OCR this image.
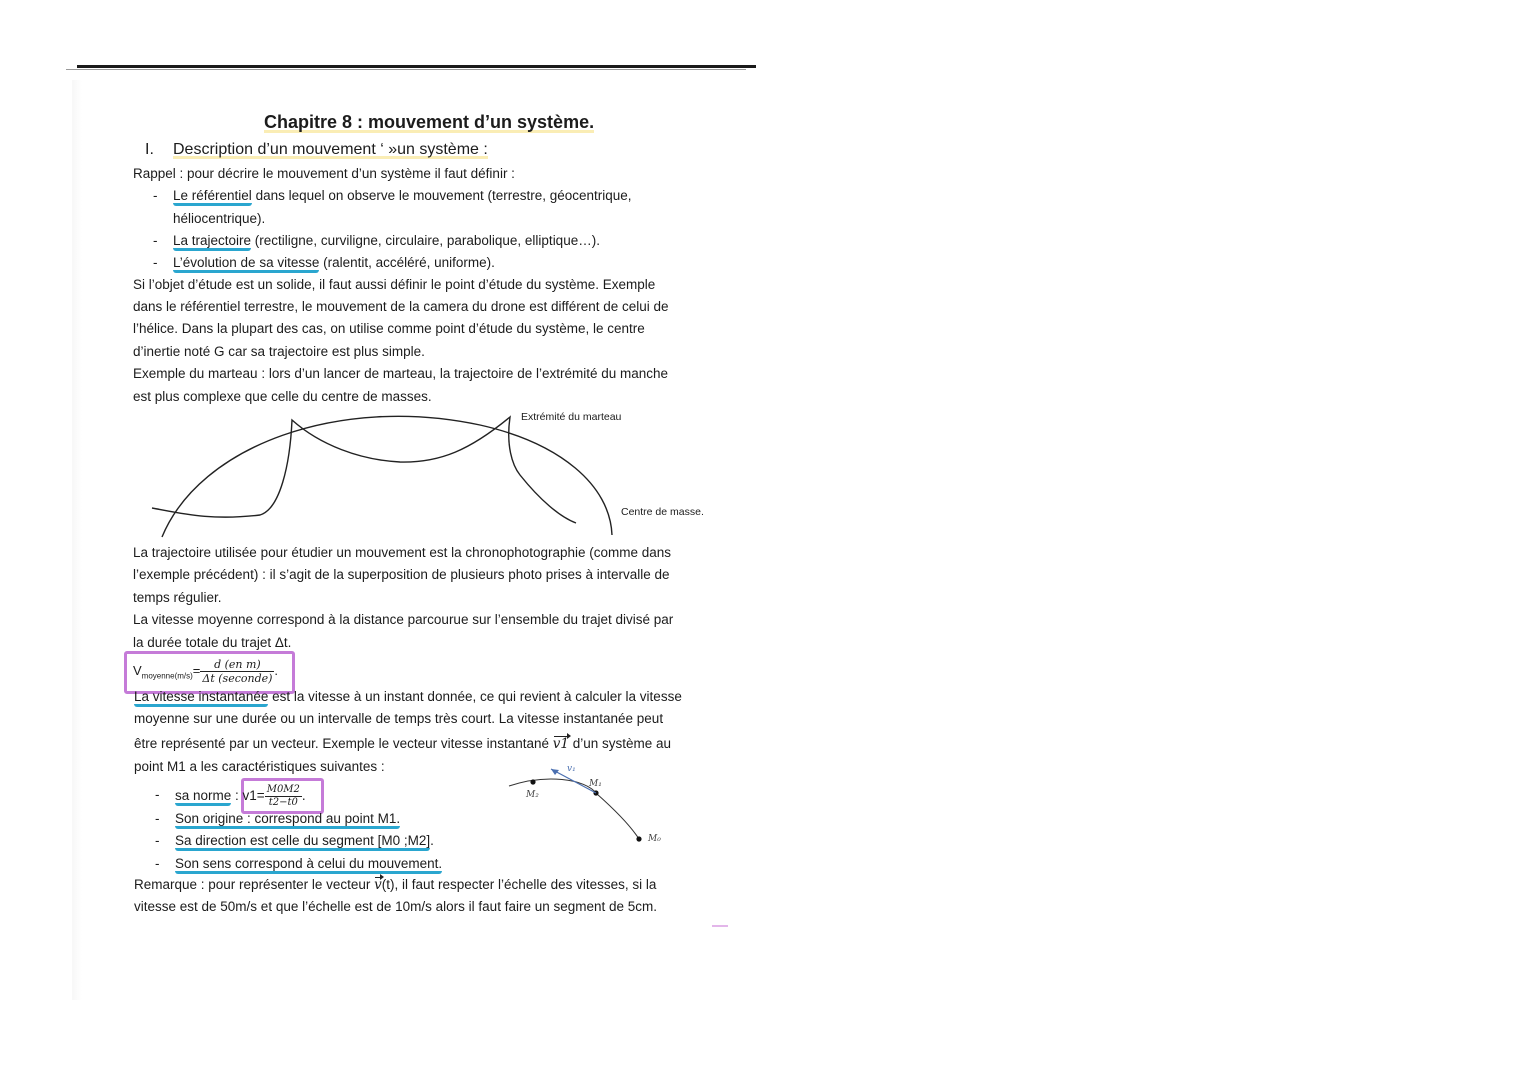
Chapitre 8 : mouvement d’un système.
I. Description d’un mouvement ‘ »un système :
Rappel : pour décrire le mouvement d’un système il faut définir :
- Le référentiel dans lequel on observe le mouvement (terrestre, géocentrique,
héliocentrique).
- La trajectoire (rectiligne, curviligne, circulaire, parabolique, elliptique…).
- L’évolution de sa vitesse (ralentit, accéléré, uniforme).
Si l’objet d’étude est un solide, il faut aussi définir le point d’étude du système. Exemple
dans le référentiel terrestre, le mouvement de la camera du drone est différent de celui de
l’hélice. Dans la plupart des cas, on utilise comme point d’étude du système, le centre
d’inertie noté G car sa trajectoire est plus simple.
Exemple du marteau : lors d’un lancer de marteau, la trajectoire de l’extrémité du manche
est plus complexe que celle du centre de masses.
Extrémité du marteau
Centre de masse.
La trajectoire utilisée pour étudier un mouvement est la chronophotographie (comme dans
l’exemple précédent) : il s’agit de la superposition de plusieurs photo prises à intervalle de
temps régulier.
La vitesse moyenne correspond à la distance parcourue sur l’ensemble du trajet divisé par
la durée totale du trajet Δt.
$V_{moyenne(m/s)}= \frac{\text{d (en m)}}{\text{Δt (seconde)}}$ .
La vitesse instantanée est la vitesse à un instant donnée, ce qui revient à calculer la vitesse
moyenne sur une durée ou un intervalle de temps très court. La vitesse instantanée peut
être représenté par un vecteur. Exemple le vecteur vitesse instantané v1 d’un système au
point M1 a les caractéristiques suivantes :
- sa norme : $v1= \frac{M0M2}{t2-t0}$ .
- Son origine : correspond au point M1.
- Sa direction est celle du segment [M0 ;M2].
- Son sens correspond à celui du mouvement.
M₂
M₁
M₀
v₁
Remarque : pour représenter le vecteur v(t), il faut respecter l’échelle des vitesses, si la
vitesse est de 50m/s et que l’échelle est de 10m/s alors il faut faire un segment de 5cm.
